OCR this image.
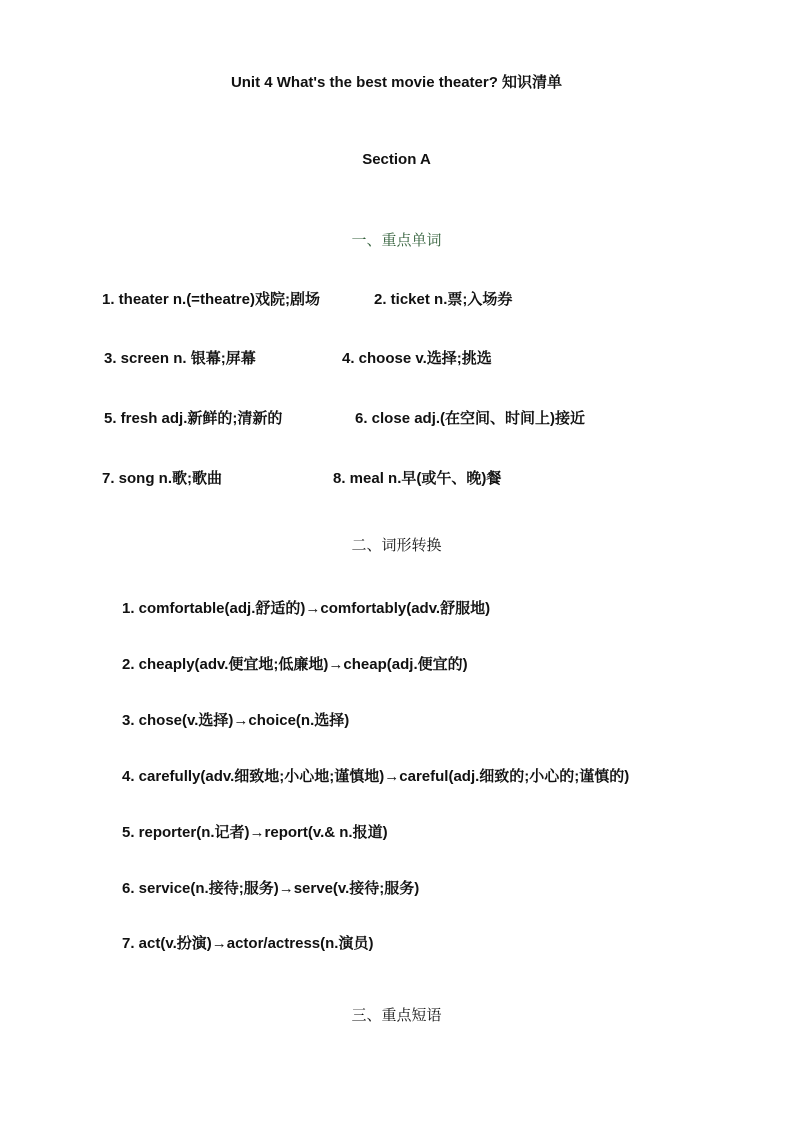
Unit 4 What's the best movie theater? 知识清单
Section A
一、重点单词
1. theater n.(=theatre)戏院;剧场	2. ticket n.票;入场券
3. screen n. 银幕;屏幕	4. choose v.选择;挑选
5. fresh adj.新鲜的;清新的	6. close adj.(在空间、时间上)接近
7. song n.歌;歌曲	8. meal n.早(或午、晚)餐
二、词形转换
1. comfortable(adj.舒适的)→comfortably(adv.舒服地)
2. cheaply(adv.便宜地;低廉地)→cheap(adj.便宜的)
3. chose(v.选择)→choice(n.选择)
4. carefully(adv.细致地;小心地;谨慎地)→careful(adj.细致的;小心的;谨慎的)
5. reporter(n.记者)→report(v.& n.报道)
6. service(n.接待;服务)→serve(v.接待;服务)
7. act(v.扮演)→actor/actress(n.演员)
三、重点短语
